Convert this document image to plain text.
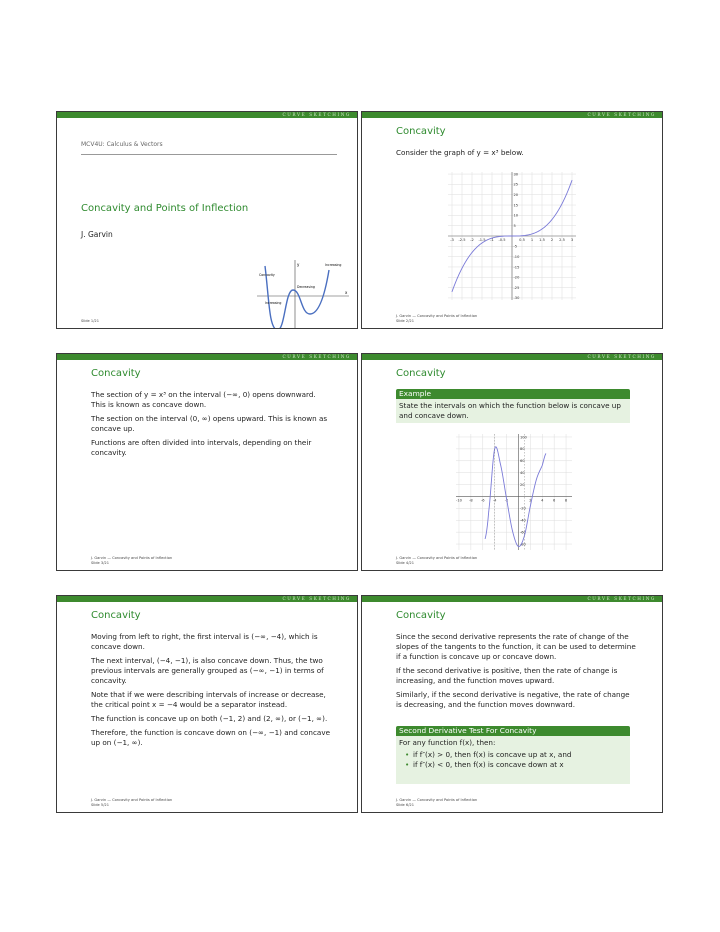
CURVE SKETCHING
MCV4U: Calculus & Vectors
Concavity and Points of Inflection
J. Garvin
y
x
Concavity
Increasing
Decreasing
Increasing
Turning points
Slide 1/21
CURVE SKETCHING
Concavity
Consider the graph of y = x³ below.
-3 -2.5 -2 -1.5 -1 -0.5	0.5 1 1.5 2 2.5 3
30
25
20
15
10
5
-5
-10
-15
-20
-25
-30
J. Garvin — Concavity and Points of Inflection
Slide 2/21
CURVE SKETCHING
Concavity

The section of y = x³ on the interval (−∞, 0) opens downward. This is known as concave down.

The section on the interval (0, ∞) opens upward. This is known as concave up.

Functions are often divided into intervals, depending on their concavity.

J. Garvin — Concavity and Points of Inflection
Slide 3/21
CURVE SKETCHING
Concavity
Example
State the intervals on which the function below is concave up and concave down.
-10 -8 -6 -4 -2	2	4	6	8
100
80
60
40
20
-20
-40
-60
-80
J. Garvin — Concavity and Points of Inflection
Slide 4/21
CURVE SKETCHING
Concavity

Moving from left to right, the first interval is (−∞, −4), which is concave down.

The next interval, (−4, −1), is also concave down. Thus, the two previous intervals are generally grouped as (−∞, −1) in terms of concavity.

Note that if we were describing intervals of increase or decrease, the critical point x = −4 would be a separator instead.

The function is concave up on both (−1, 2) and (2, ∞), or (−1, ∞).

Therefore, the function is concave down on (−∞, −1) and concave up on (−1, ∞).

J. Garvin — Concavity and Points of Inflection
Slide 5/21
CURVE SKETCHING
Concavity

Since the second derivative represents the rate of change of the slopes of the tangents to the function, it can be used to determine if a function is concave up or concave down.

If the second derivative is positive, then the rate of change is increasing, and the function moves upward.

Similarly, if the second derivative is negative, the rate of change is decreasing, and the function moves downward.

Second Derivative Test For Concavity
For any function f(x), then:
• if f″(x) > 0, then f(x) is concave up at x, and
• if f″(x) < 0, then f(x) is concave down at x
J. Garvin — Concavity and Points of Inflection
Slide 6/21
